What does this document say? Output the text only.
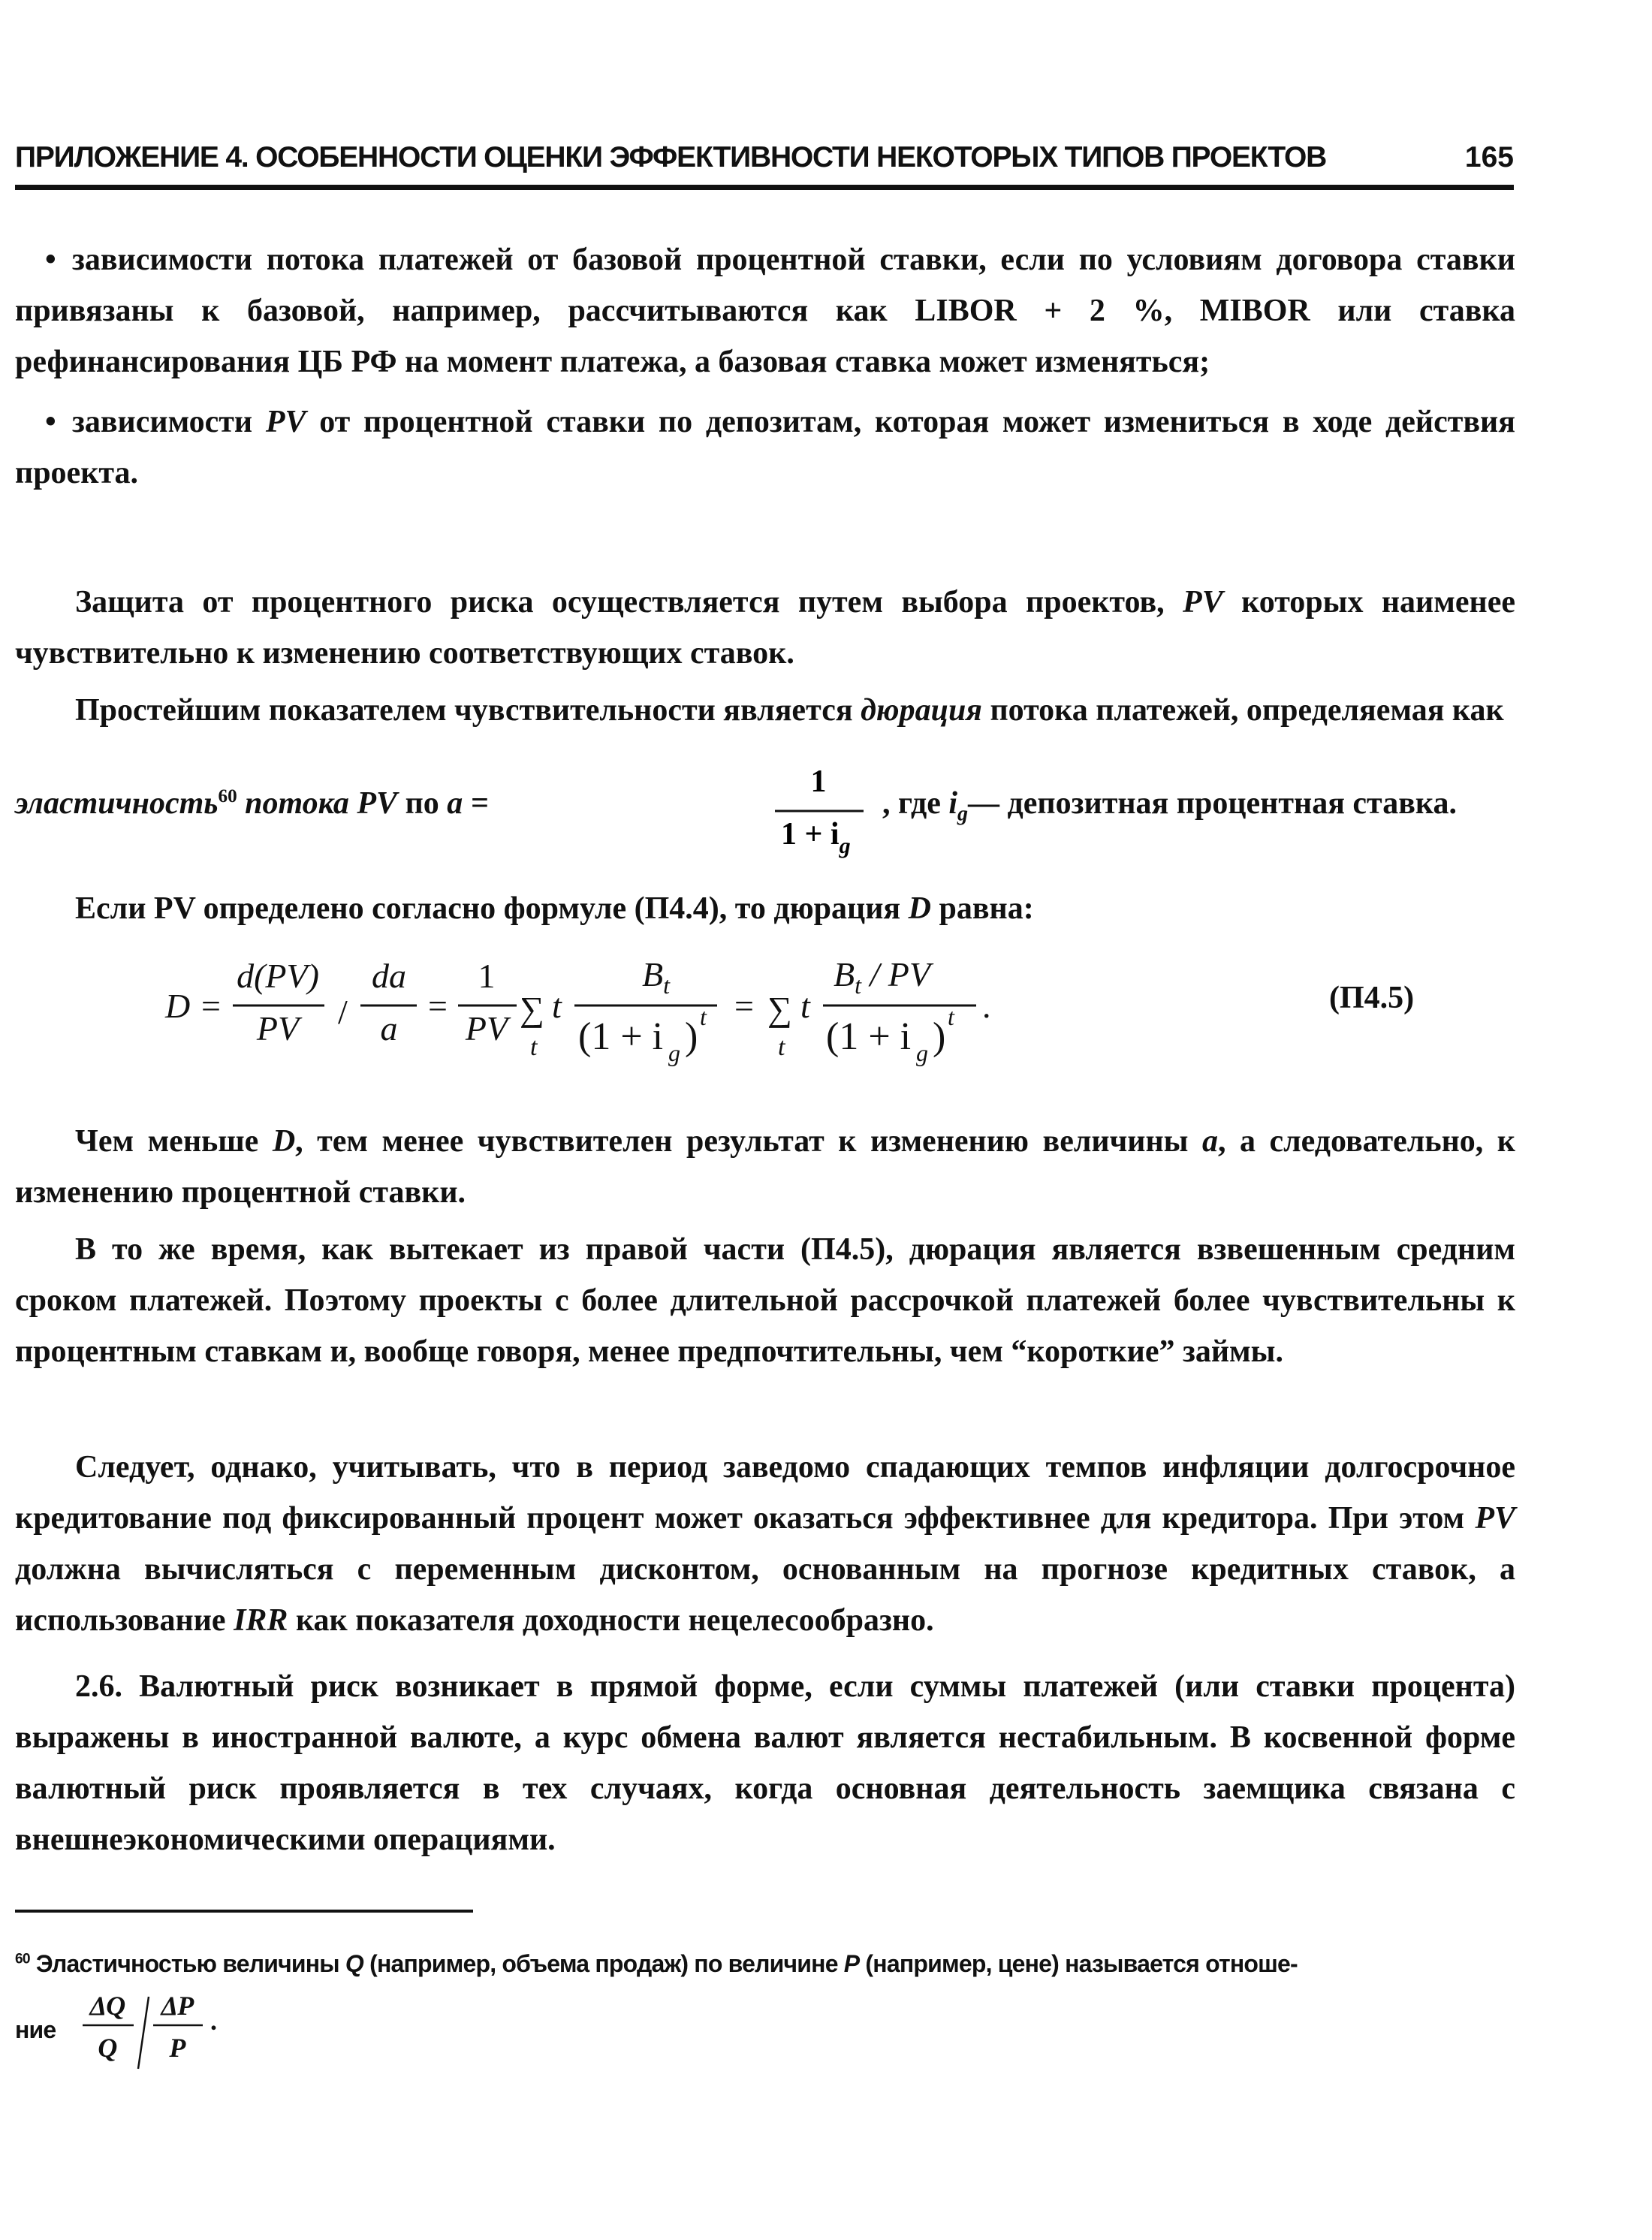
ПРИЛОЖЕНИЕ 4. ОСОБЕННОСТИ ОЦЕНКИ ЭФФЕКТИВНОСТИ НЕКОТОРЫХ ТИПОВ ПРОЕКТОВ	165

• зависимости потока платежей от базовой процентной ставки, если по условиям договора ставки привязаны к базовой, например, рассчитываются как LIBOR + 2 %, MIBOR или ставка рефинансирования ЦБ РФ на момент платежа, а базовая ставка может изменяться;

• зависимости PV от процентной ставки по депозитам, которая может измениться в ходе действия проекта.

Защита от процентного риска осуществляется путем выбора проектов, PV которых наименее чувствительно к изменению соответствующих ставок.

Простейшим показателем чувствительности является дюрация потока платежей, определяемая как

эластичность$^{60}$ потока PV по a =
1
$1 + i_g$
, где $i_g—$ депозитная процентная ставка.

Если PV определено согласно формуле (П4.4), то дюрация D равна:

D =
d(PV)
PV /
da
a
=
1
PV
∑
t
t
$B_t$
(1 + i g ) t = ∑
t
t
$B_t$ / PV
(1 + i g ) t .	(П4.5)

Чем меньше D, тем менее чувствителен результат к изменению величины a, а следовательно, к изменению процентной ставки.

В то же время, как вытекает из правой части (П4.5), дюрация является взвешенным средним сроком платежей. Поэтому проекты с более длительной рассрочкой платежей более чувствительны к процентным ставкам и, вообще говоря, менее предпочтительны, чем “короткие” займы.

Следует, однако, учитывать, что в период заведомо спадающих темпов инфляции долгосрочное кредитование под фиксированный процент может оказаться эффективнее для кредитора. При этом PV должна вычисляться с переменным дисконтом, основанным на прогнозе кредитных ставок, а использование IRR как показателя доходности нецелесообразно.

2.6. Валютный риск возникает в прямой форме, если суммы платежей (или ставки процента) выражены в иностранной валюте, а курс обмена валют является нестабильным. В косвенной форме валютный риск проявляется в тех случаях, когда основная деятельность заемщика связана с внешнеэкономическими операциями.

$^{60}$ Эластичностью величины Q (например, объема продаж) по величине P (например, цене) называется отноше-
ние
ΔQ
Q
ΔP
P
.
